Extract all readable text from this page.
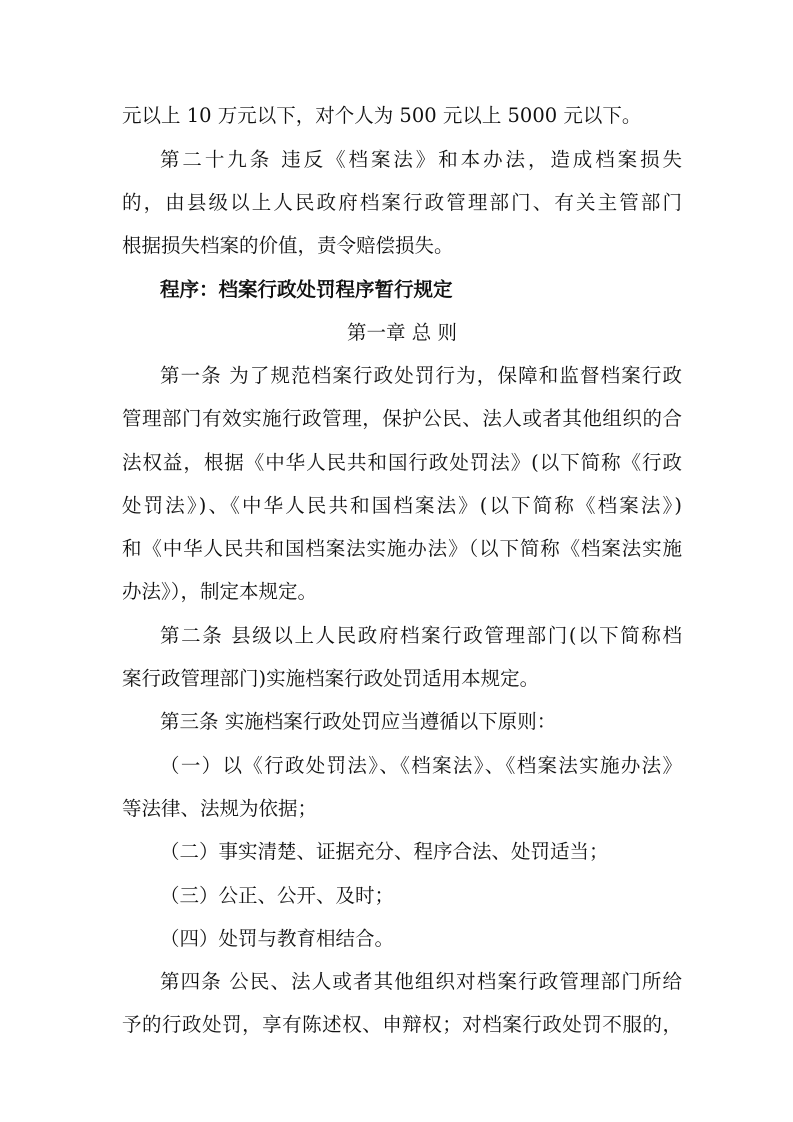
元以上 10 万元以下，对个人为 500 元以上 5000 元以下。
第二十九条 违反《档案法》和本办法，造成档案损失
的，由县级以上人民政府档案行政管理部门、有关主管部门
根据损失档案的价值，责令赔偿损失。
程序：档案行政处罚程序暂行规定
第一章 总 则
第一条 为了规范档案行政处罚行为，保障和监督档案行政
管理部门有效实施行政管理，保护公民、法人或者其他组织的合
法权益，根据《中华人民共和国行政处罚法》(以下简称《行政
处罚法》)、《中华人民共和国档案法》(以下简称《档案法》)
和《中华人民共和国档案法实施办法》（以下简称《档案法实施
办法》），制定本规定。
第二条 县级以上人民政府档案行政管理部门(以下简称档
案行政管理部门)实施档案行政处罚适用本规定。
第三条 实施档案行政处罚应当遵循以下原则：
（一）以《行政处罚法》、《档案法》、《档案法实施办法》
等法律、法规为依据；
（二）事实清楚、证据充分、程序合法、处罚适当；
（三）公正、公开、及时；
（四）处罚与教育相结合。
第四条 公民、法人或者其他组织对档案行政管理部门所给
予的行政处罚，享有陈述权、申辩权；对档案行政处罚不服的，
